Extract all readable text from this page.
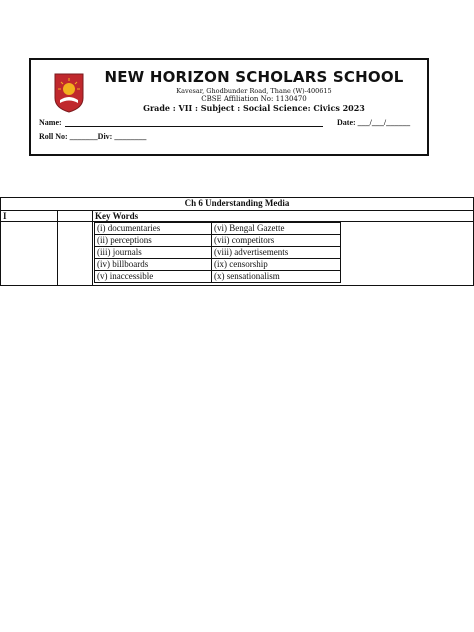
NEW HORIZON SCHOLARS SCHOOL
Kavesar, Ghodbunder Road, Thane (W)-400615
CBSE Affiliation No: 1130470
Grade : VII : Subject : Social Science: Civics 2023
Name:	Date: ___/___/______
Roll No: _______Div: ________
Ch 6 Understanding Media
I		Key Words

(i) documentaries	(vi) Bengal Gazette
(ii) perceptions	(vii) competitors
(iii) journals	(viii) advertisements
(iv) billboards	(ix) censorship
(v) inaccessible	(x) sensationalism
